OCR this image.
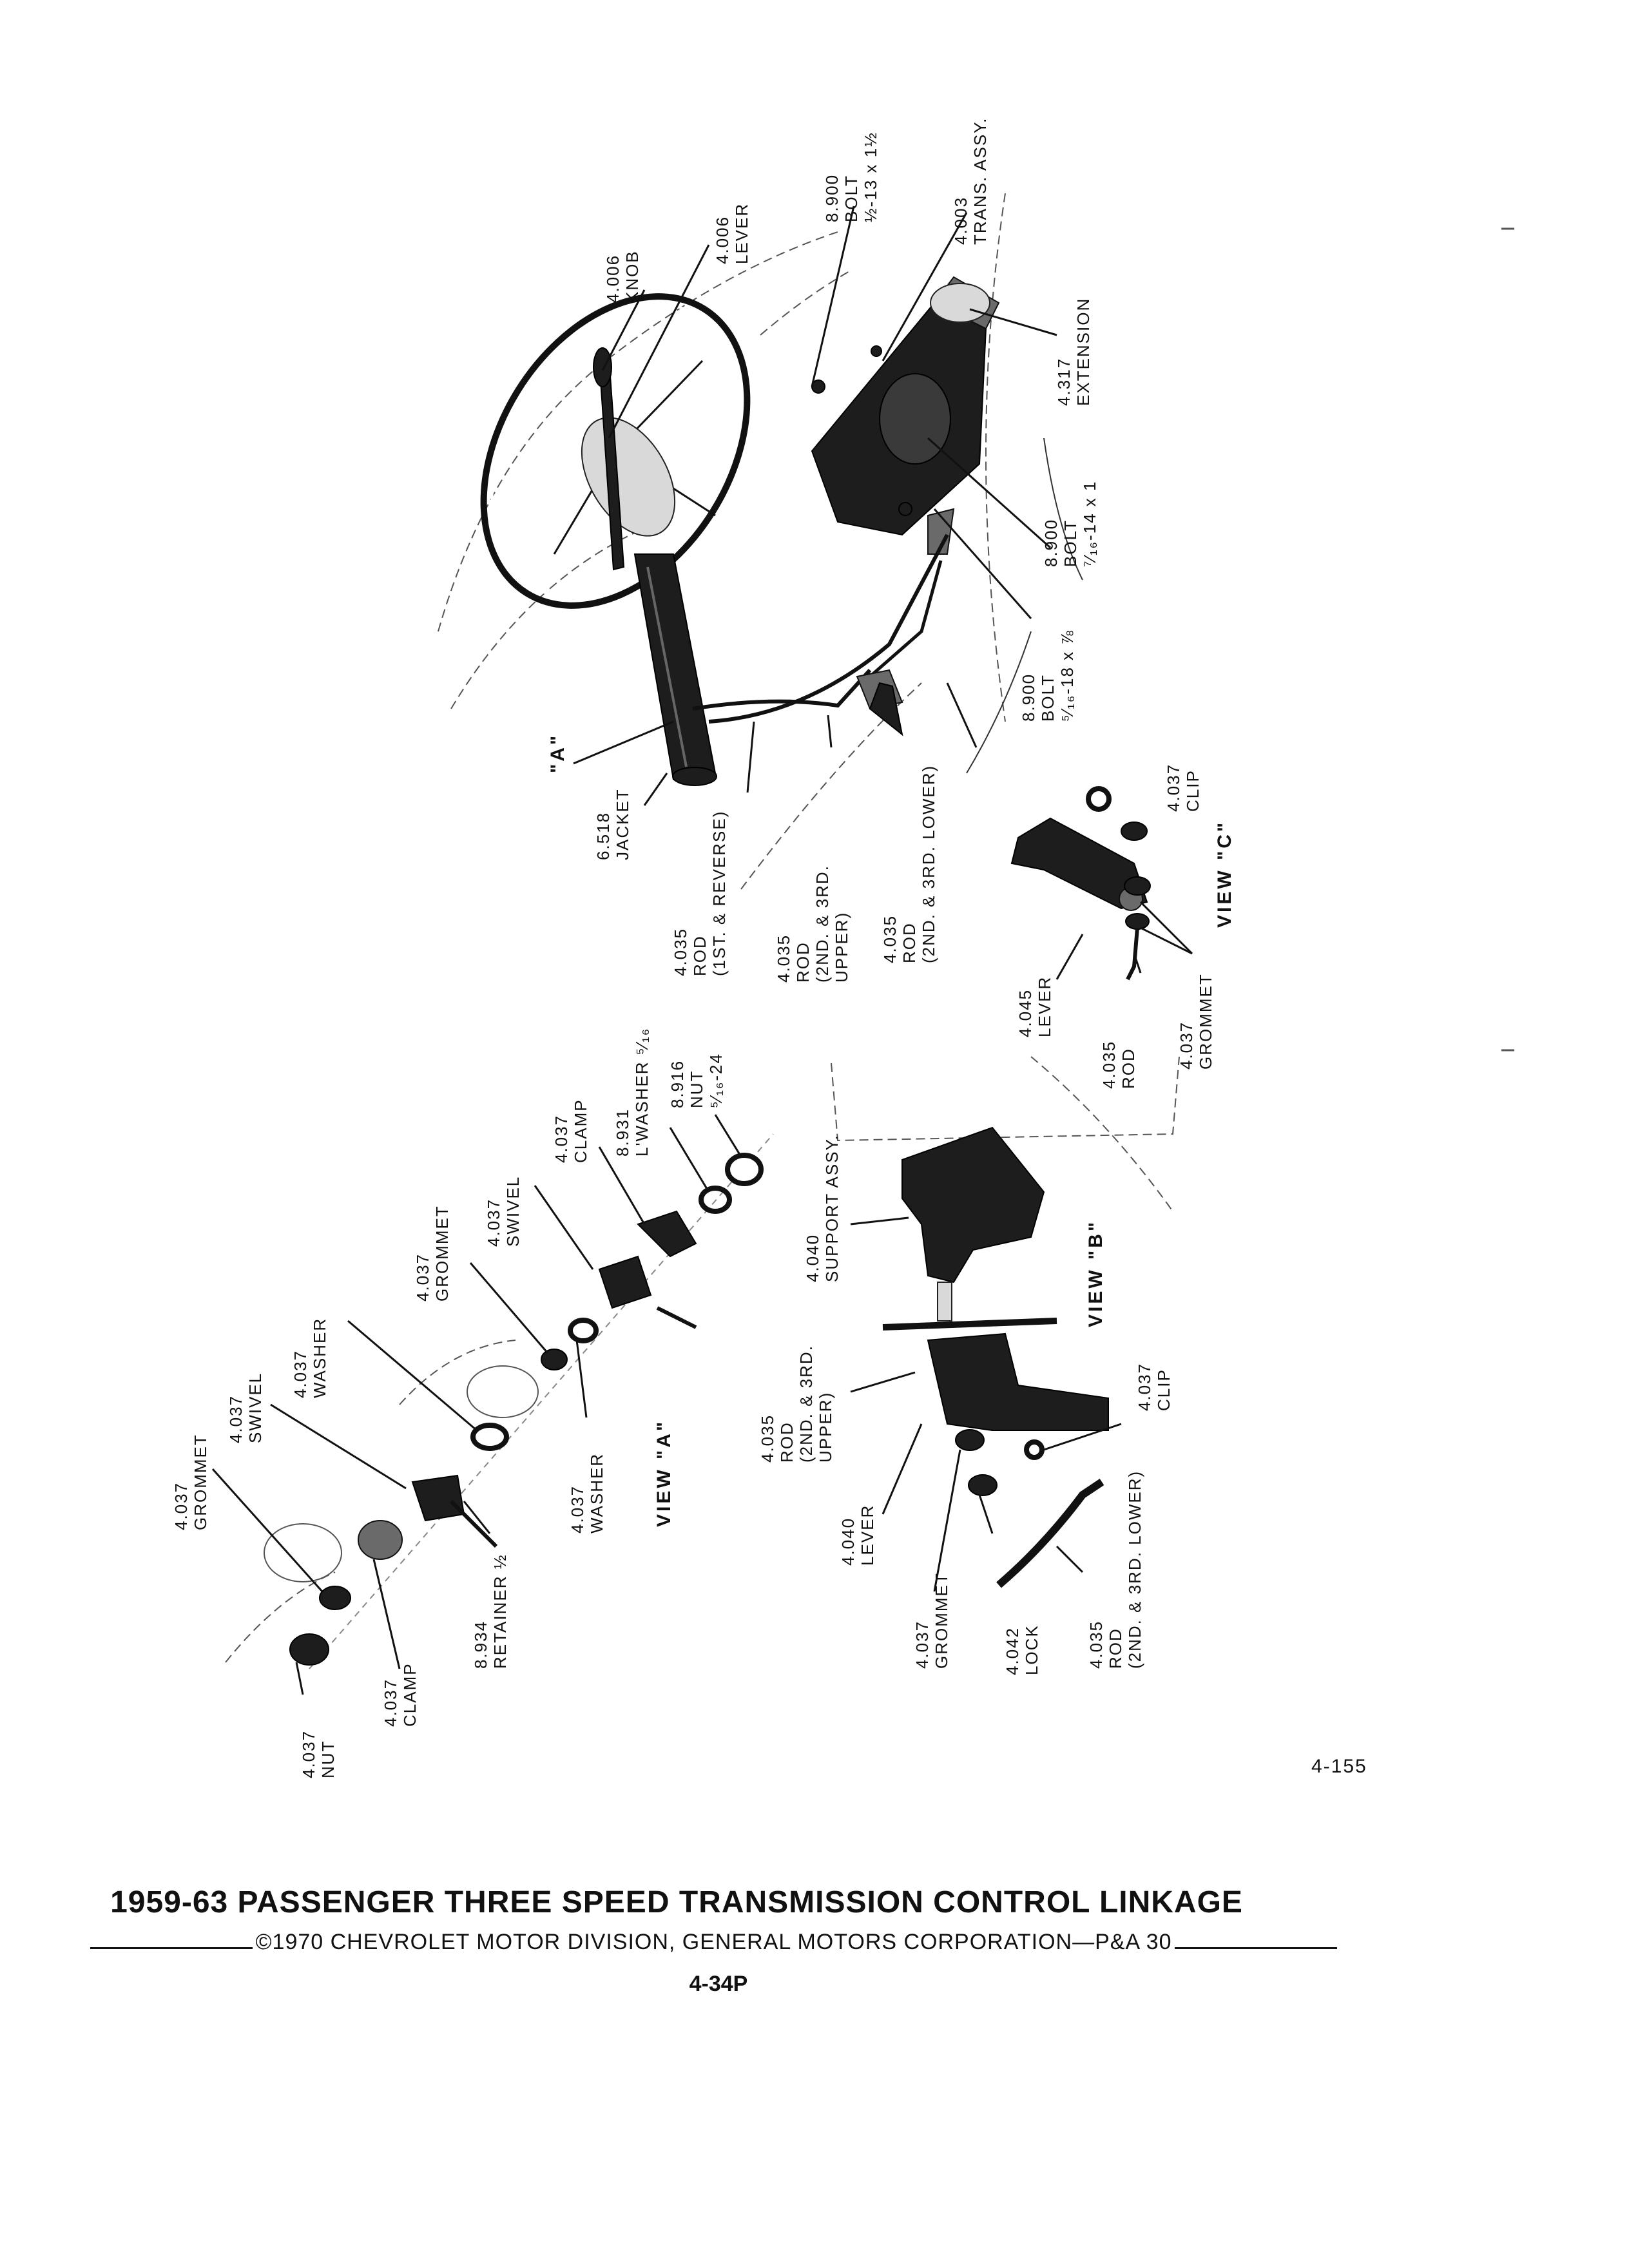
"A"
4.006 KNOB
4.006 LEVER
8.900 BOLT ½-13 x 1½	4.003 TRANS. ASSY.
4.317 EXTENSION
8.900 BOLT ⁷⁄₁₆-14 x 1
8.900 BOLT ⁵⁄₁₆-18 x ⅞
6.518 JACKET
4.035 ROD (1ST. & REVERSE)	4.035 ROD (2ND. & 3RD. UPPER) 4.035 ROD (2ND. & 3RD. LOWER)	VIEW "C"
4.037 CLIP
4.045 LEVER
4.035 ROD 4.037 GROMMET
VIEW "B"
4.040 SUPPORT ASSY.
4.035 ROD (2ND. & 3RD. UPPER)
4.037 CLIP
4.040 LEVER
4.037 GROMMET	4.042 LOCK	4.035 ROD (2ND. & 3RD. LOWER)
VIEW "A"
8.916 NUT ⁵⁄₁₆-24
8.931 L'WASHER ⁵⁄₁₆
4.037 CLAMP
4.037 SWIVEL
4.037 GROMMET
4.037 WASHER
4.037 SWIVEL
4.037 GROMMET	4.037 WASHER
8.934 RETAINER ½
4.037 CLAMP
4.037 NUT	4-155
1959-63 PASSENGER THREE SPEED TRANSMISSION CONTROL LINKAGE
©1970 CHEVROLET MOTOR DIVISION, GENERAL MOTORS CORPORATION—P&A 30
4-34P
